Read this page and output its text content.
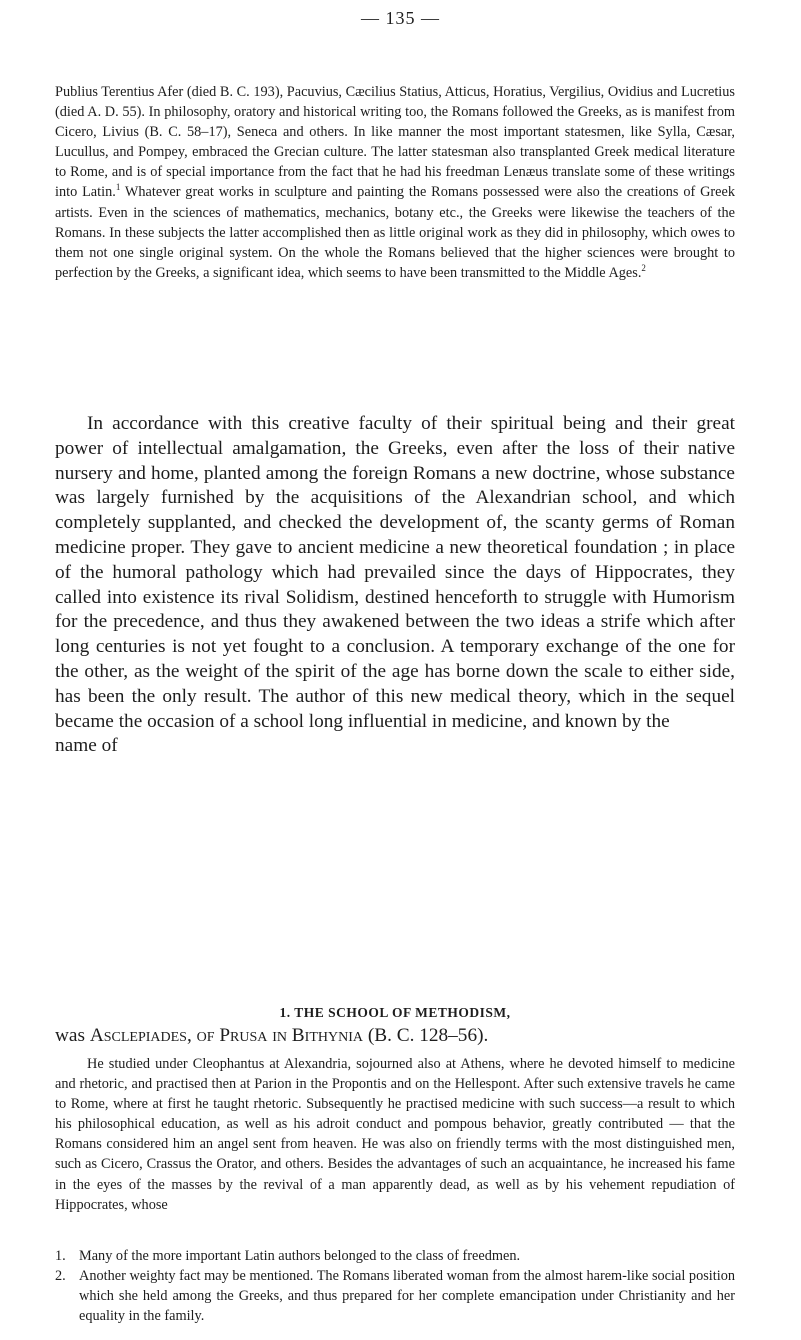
— 135 —

Publius Terentius Afer (died B. C. 193), Pacuvius, Cæcilius Statius, Atticus, Horatius, Vergilius, Ovidius and Lucretius (died A. D. 55). In philosophy, oratory and historical writing too, the Romans followed the Greeks, as is manifest from Cicero, Livius (B. C. 58–17), Seneca and others. In like manner the most important statesmen, like Sylla, Cæsar, Lucullus, and Pompey, embraced the Grecian culture. The latter statesman also transplanted Greek medical literature to Rome, and is of special importance from the fact that he had his freedman Lenæus translate some of these writings into Latin.$^1$ Whatever great works in sculpture and painting the Romans possessed were also the creations of Greek artists. Even in the sciences of mathematics, mechanics, botany etc., the Greeks were likewise the teachers of the Romans. In these subjects the latter accomplished then as little original work as they did in philosophy, which owes to them not one single original system. On the whole the Romans believed that the higher sciences were brought to perfection by the Greeks, a significant idea, which seems to have been transmitted to the Middle Ages.$^2$

In accordance with this creative faculty of their spiritual being and their great power of intellectual amalgamation, the Greeks, even after the loss of their native nursery and home, planted among the foreign Romans a new doctrine, whose substance was largely furnished by the acquisitions of the Alexandrian school, and which completely supplanted, and checked the development of, the scanty germs of Roman medicine proper. They gave to ancient medicine a new theoretical foundation ; in place of the humoral pathology which had prevailed since the days of Hippocrates, they called into existence its rival Solidism, destined henceforth to struggle with Humorism for the precedence, and thus they awakened between the two ideas a strife which after long centuries is not yet fought to a conclusion. A temporary exchange of the one for the other, as the weight of the spirit of the age has borne down the scale to either side, has been the only result. The author of this new medical theory, which in the sequel became the occasion of a school long influential in medicine, and known by the
name of

1. THE SCHOOL OF METHODISM,

was Asclepiades, of Prusa in Bithynia (B. C. 128–56).

He studied under Cleophantus at Alexandria, sojourned also at Athens, where he devoted himself to medicine and rhetoric, and practised then at Parion in the Propontis and on the Hellespont. After such extensive travels he came to Rome, where at first he taught rhetoric. Subsequently he practised medicine with such success—a result to which his philosophical education, as well as his adroit conduct and pompous behavior, greatly contributed — that the Romans considered him an angel sent from heaven. He was also on friendly terms with the most distinguished men, such as Cicero, Crassus the Orator, and others. Besides the advantages of such an acquaintance, he increased his fame in the eyes of the masses by the revival of a man apparently dead, as well as by his vehement repudiation of Hippocrates, whose

1. Many of the more important Latin authors belonged to the class of freedmen.

2. Another weighty fact may be mentioned. The Romans liberated woman from the almost harem-like social position which she held among the Greeks, and thus prepared for her complete emancipation under Christianity and her equality in the family.
